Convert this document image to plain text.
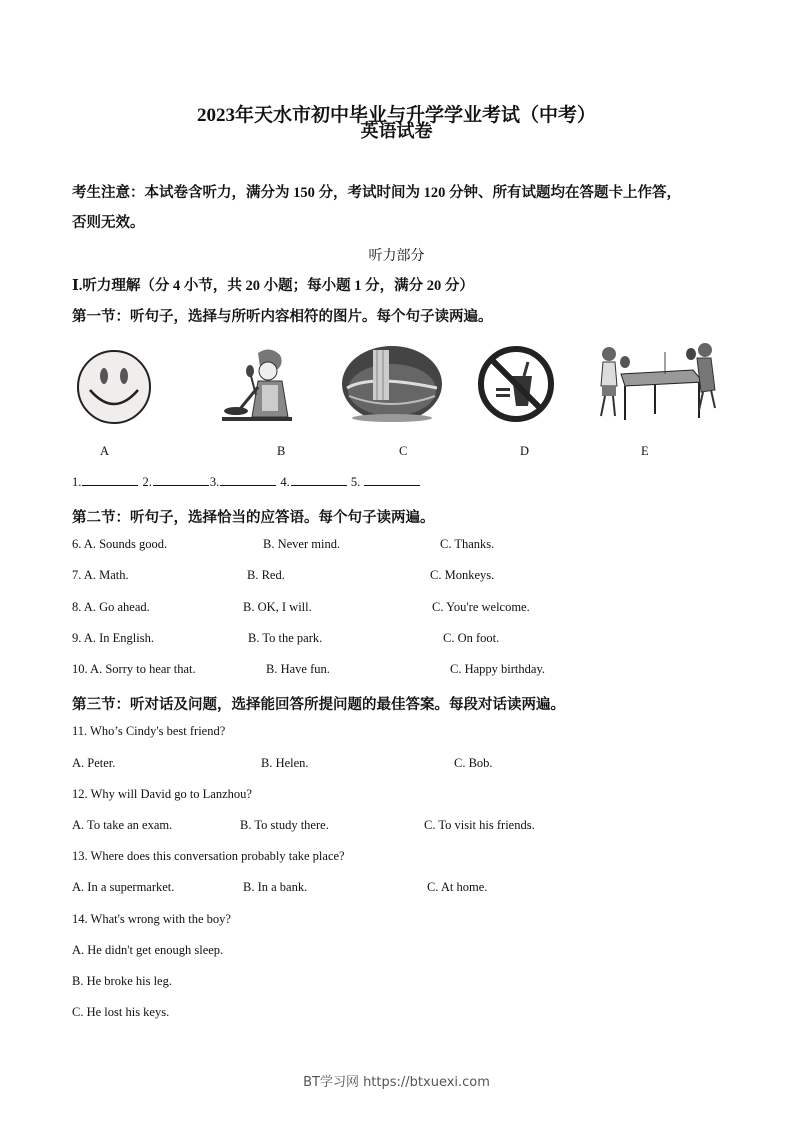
2023年天水市初中毕业与升学学业考试（中考）
英语试卷
考生注意：本试卷含听力，满分为 150 分，考试时间为 120 分钟、所有试题均在答题卡上作答，
否则无效。
听力部分
Ⅰ.听力理解（分 4 小节，共 20 小题；每小题 1 分，满分 20 分）
第一节：听句子，选择与所听内容相符的图片。每个句子读两遍。
A	B	C	D	E
1.	2.	3.	4.	5.
第二节：听句子，选择恰当的应答语。每个句子读两遍。
6. A. Sounds good.	B. Never mind.	C. Thanks.
7. A. Math.	B. Red.	C. Monkeys.
8. A. Go ahead.	B. OK, I will.	C. You're welcome.
9. A. In English.	B. To the park.	C. On foot.
10. A. Sorry to hear that.	B. Have fun.	C. Happy birthday.
第三节：听对话及问题，选择能回答所提问题的最佳答案。每段对话读两遍。
11. Who’s Cindy's best friend?
A. Peter.	B. Helen.	C. Bob.
12. Why will David go to Lanzhou?
A. To take an exam.	B. To study there.	C. To visit his friends.
13. Where does this conversation probably take place?
A. In a supermarket.	B. In a bank.	C. At home.
14. What's wrong with the boy?
A. He didn't get enough sleep.
B. He broke his leg.
C. He lost his keys.
BT学习网 https://btxuexi.com
